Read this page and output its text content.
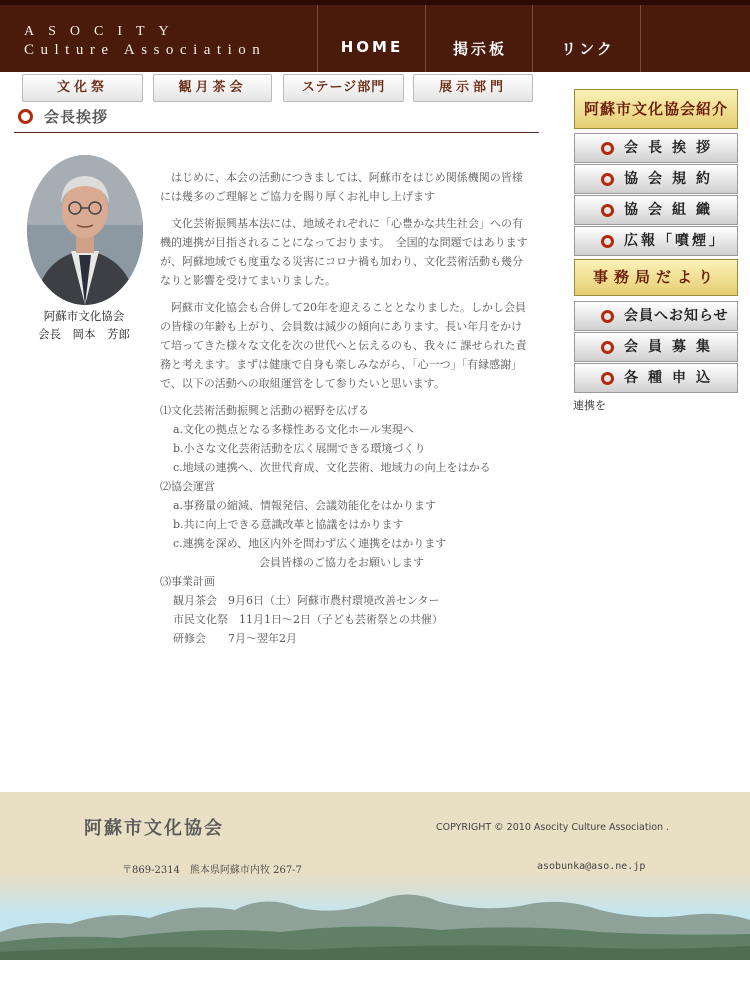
ASOCITY
Culture Association	HOME	掲示板	リンク
文化祭	観月茶会	ステージ部門	展示部門
会長挨拶
阿蘇市文化協会
会長　岡本　芳郎

はじめに、本会の活動につきましては、阿蘇市をはじめ関係機関の皆様には幾多のご理解とご協力を賜り厚くお礼申し上げます

文化芸術振興基本法には、地域それぞれに「心豊かな共生社会」への有機的連携が目指されることになっております。　全国的な問題ではありますが、阿蘇地域でも度重なる災害にコロナ禍も加わり、文化芸術活動も幾分なりと影響を受けてまいりました。

阿蘇市文化協会も合併して20年を迎えることとなりました。しかし会員の皆様の年齢も上がり、会員数は減少の傾向にあります。長い年月をかけて培ってきた様々な文化を次の世代へと伝えるのも、我々に 課せられた責務と考えます。まずは健康で自身も楽しみながら、「心一つ」「有縁感謝」で、以下の活動への取組運営をして参りたいと思います。

⑴文化芸術活動振興と活動の裾野を広げる
a.文化の拠点となる多様性ある文化ホール実現へ
b.小さな文化芸術活動を広く展開できる環境づくり
c.地域の連携へ、次世代育成、文化芸術、地域力の向上をはかる
⑵協会運営
a.事務量の縮減、情報発信、会議効能化をはかります
b.共に向上できる意識改革と協議をはかります
c.連携を深め、地区内外を問わず広く連携をはかります
会員皆様のご協力をお願いします
⑶事業計画
観月茶会　9月6日（土）阿蘇市農村環境改善センター
市民文化祭　11月1日〜2日（子ども芸術祭との共催）
研修会　　7月〜翌年2月
阿蘇市文化協会紹介
会長挨拶
協会規約
協会組織
広報「噴煙」
事務局だより
会員へお知らせ
会員募集
各種申込
連携を
阿蘇市文化協会	COPYRIGHT © 2010 Asocity Culture Association .
〒869-2314　熊本県阿蘇市内牧 267-7	asobunka@aso.ne.jp
